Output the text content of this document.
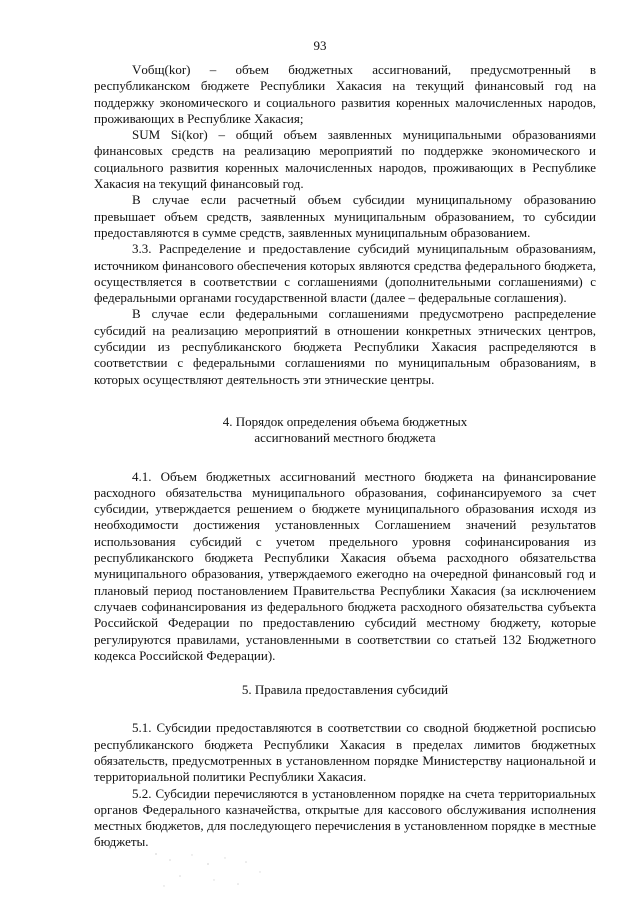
93

Vобщ(kor) – объем бюджетных ассигнований, предусмотренный в республиканском бюджете Республики Хакасия на текущий финансовый год на поддержку экономического и социального развития коренных малочисленных народов, проживающих в Республике Хакасия;

SUM Si(kor) – общий объем заявленных муниципальными образованиями финансовых средств на реализацию мероприятий по поддержке экономического и социального развития коренных малочисленных народов, проживающих в Республике Хакасия на текущий финансовый год.

В случае если расчетный объем субсидии муниципальному образованию превышает объем средств, заявленных муниципальным образованием, то субсидии предоставляются в сумме средств, заявленных муниципальным образованием.

3.3. Распределение и предоставление субсидий муниципальным образованиям, источником финансового обеспечения которых являются средства федерального бюджета, осуществляется в соответствии с соглашениями (дополнительными соглашениями) с федеральными органами государственной власти (далее – федеральные соглашения).

В случае если федеральными соглашениями предусмотрено распределение субсидий на реализацию мероприятий в отношении конкретных этнических центров, субсидии из республиканского бюджета Республики Хакасия распределяются в соответствии с федеральными соглашениями по муниципальным образованиям, в которых осуществляют деятельность эти этнические центры.

4. Порядок определения объема бюджетных
ассигнований местного бюджета

4.1. Объем бюджетных ассигнований местного бюджета на финансирование расходного обязательства муниципального образования, софинансируемого за счет субсидии, утверждается решением о бюджете муниципального образования исходя из необходимости достижения установленных Соглашением значений результатов использования субсидий с учетом предельного уровня софинансирования из республиканского бюджета Республики Хакасия объема расходного обязательства муниципального образования, утверждаемого ежегодно на очередной финансовый год и плановый период постановлением Правительства Республики Хакасия (за исключением случаев софинансирования из федерального бюджета расходного обязательства субъекта Российской Федерации по предоставлению субсидий местному бюджету, которые регулируются правилами, установленными в соответствии со статьей 132 Бюджетного кодекса Российской Федерации).

5. Правила предоставления субсидий

5.1. Субсидии предоставляются в соответствии со сводной бюджетной росписью республиканского бюджета Республики Хакасия в пределах лимитов бюджетных обязательств, предусмотренных в установленном порядке Министерству национальной и территориальной политики Республики Хакасия.

5.2. Субсидии перечисляются в установленном порядке на счета территориальных органов Федерального казначейства, открытые для кассового обслуживания исполнения местных бюджетов, для последующего перечисления в установленном порядке в местные бюджеты.
